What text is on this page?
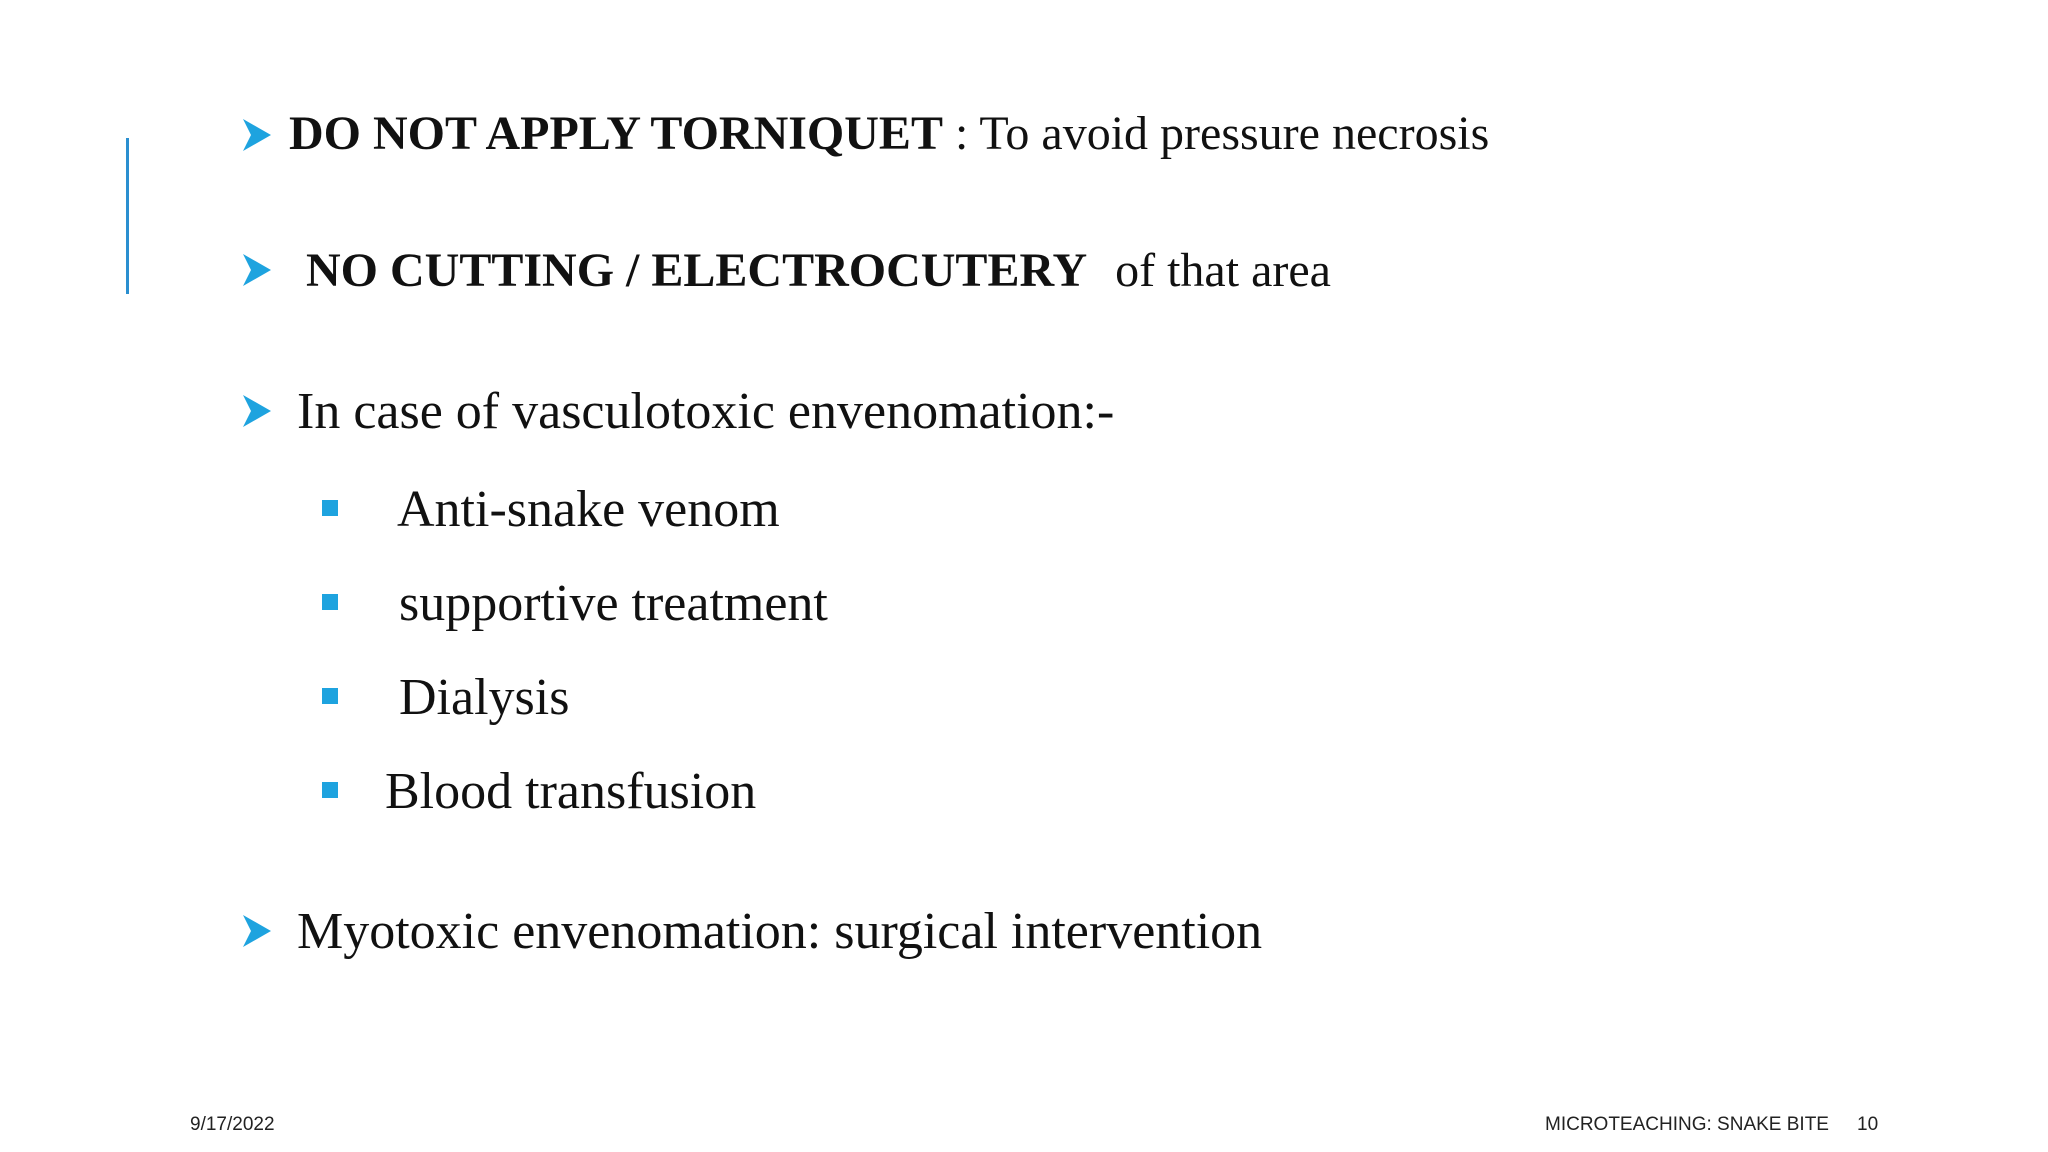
DO NOT APPLY TORNIQUET : To avoid pressure necrosis
NO CUTTING / ELECTROCUTERY of that area
In case of vasculotoxic envenomation:-
Anti-snake venom
supportive treatment
Dialysis
Blood transfusion
Myotoxic envenomation: surgical intervention
9/17/2022	MICROTEACHING: SNAKE BITE 10
